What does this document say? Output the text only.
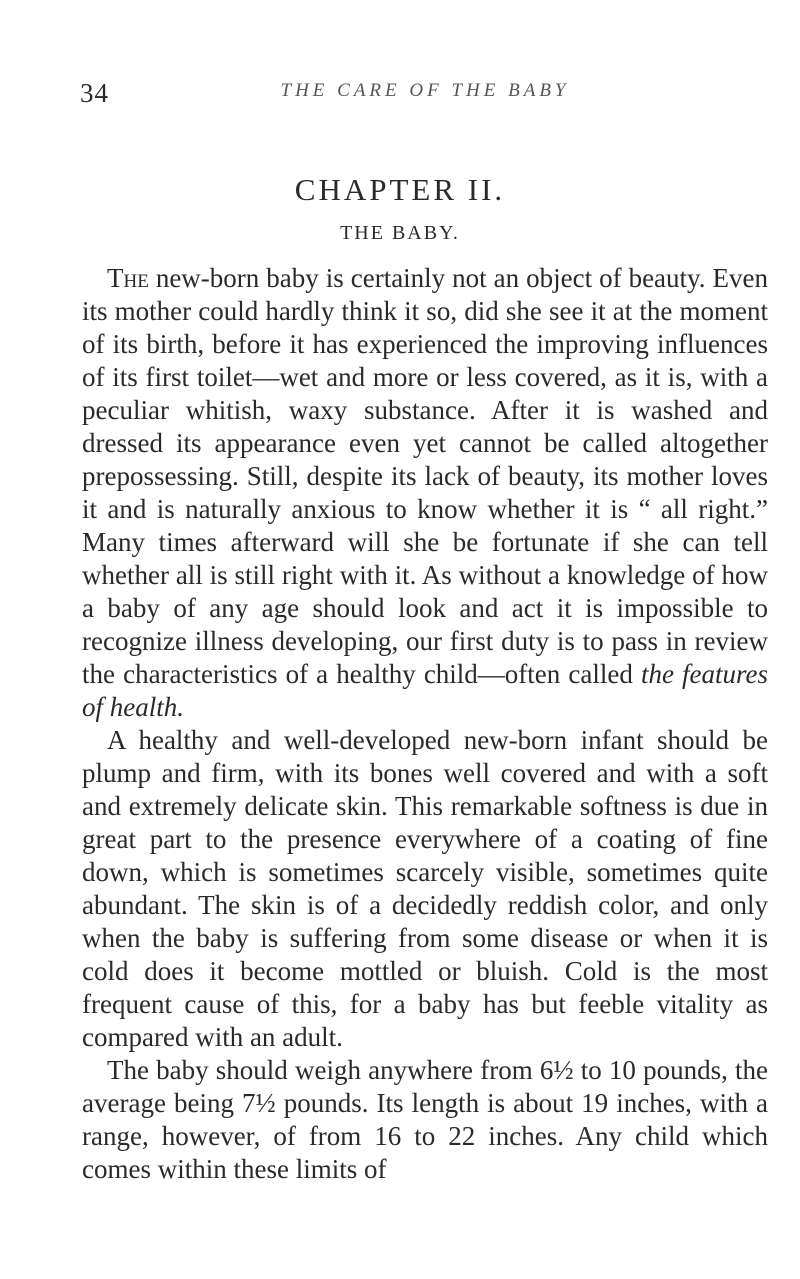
34	THE CARE OF THE BABY
CHAPTER II.
THE BABY.

The new-born baby is certainly not an object of beauty. Even its mother could hardly think it so, did she see it at the moment of its birth, before it has experienced the improving influences of its first toilet—wet and more or less covered, as it is, with a peculiar whitish, waxy substance. After it is washed and dressed its appearance even yet cannot be called altogether prepossessing. Still, despite its lack of beauty, its mother loves it and is naturally anxious to know whether it is “ all right.” Many times afterward will she be fortunate if she can tell whether all is still right with it. As without a knowledge of how a baby of any age should look and act it is impossible to recognize illness developing, our first duty is to pass in review the characteristics of a healthy child—often called the features of health.

A healthy and well-developed new-born infant should be plump and firm, with its bones well covered and with a soft and extremely delicate skin. This remarkable softness is due in great part to the presence everywhere of a coating of fine down, which is sometimes scarcely visible, sometimes quite abundant. The skin is of a decidedly reddish color, and only when the baby is suffering from some disease or when it is cold does it become mottled or bluish. Cold is the most frequent cause of this, for a baby has but feeble vitality as compared with an adult.

The baby should weigh anywhere from 6½ to 10 pounds, the average being 7½ pounds. Its length is about 19 inches, with a range, however, of from 16 to 22 inches. Any child which comes within these limits of
